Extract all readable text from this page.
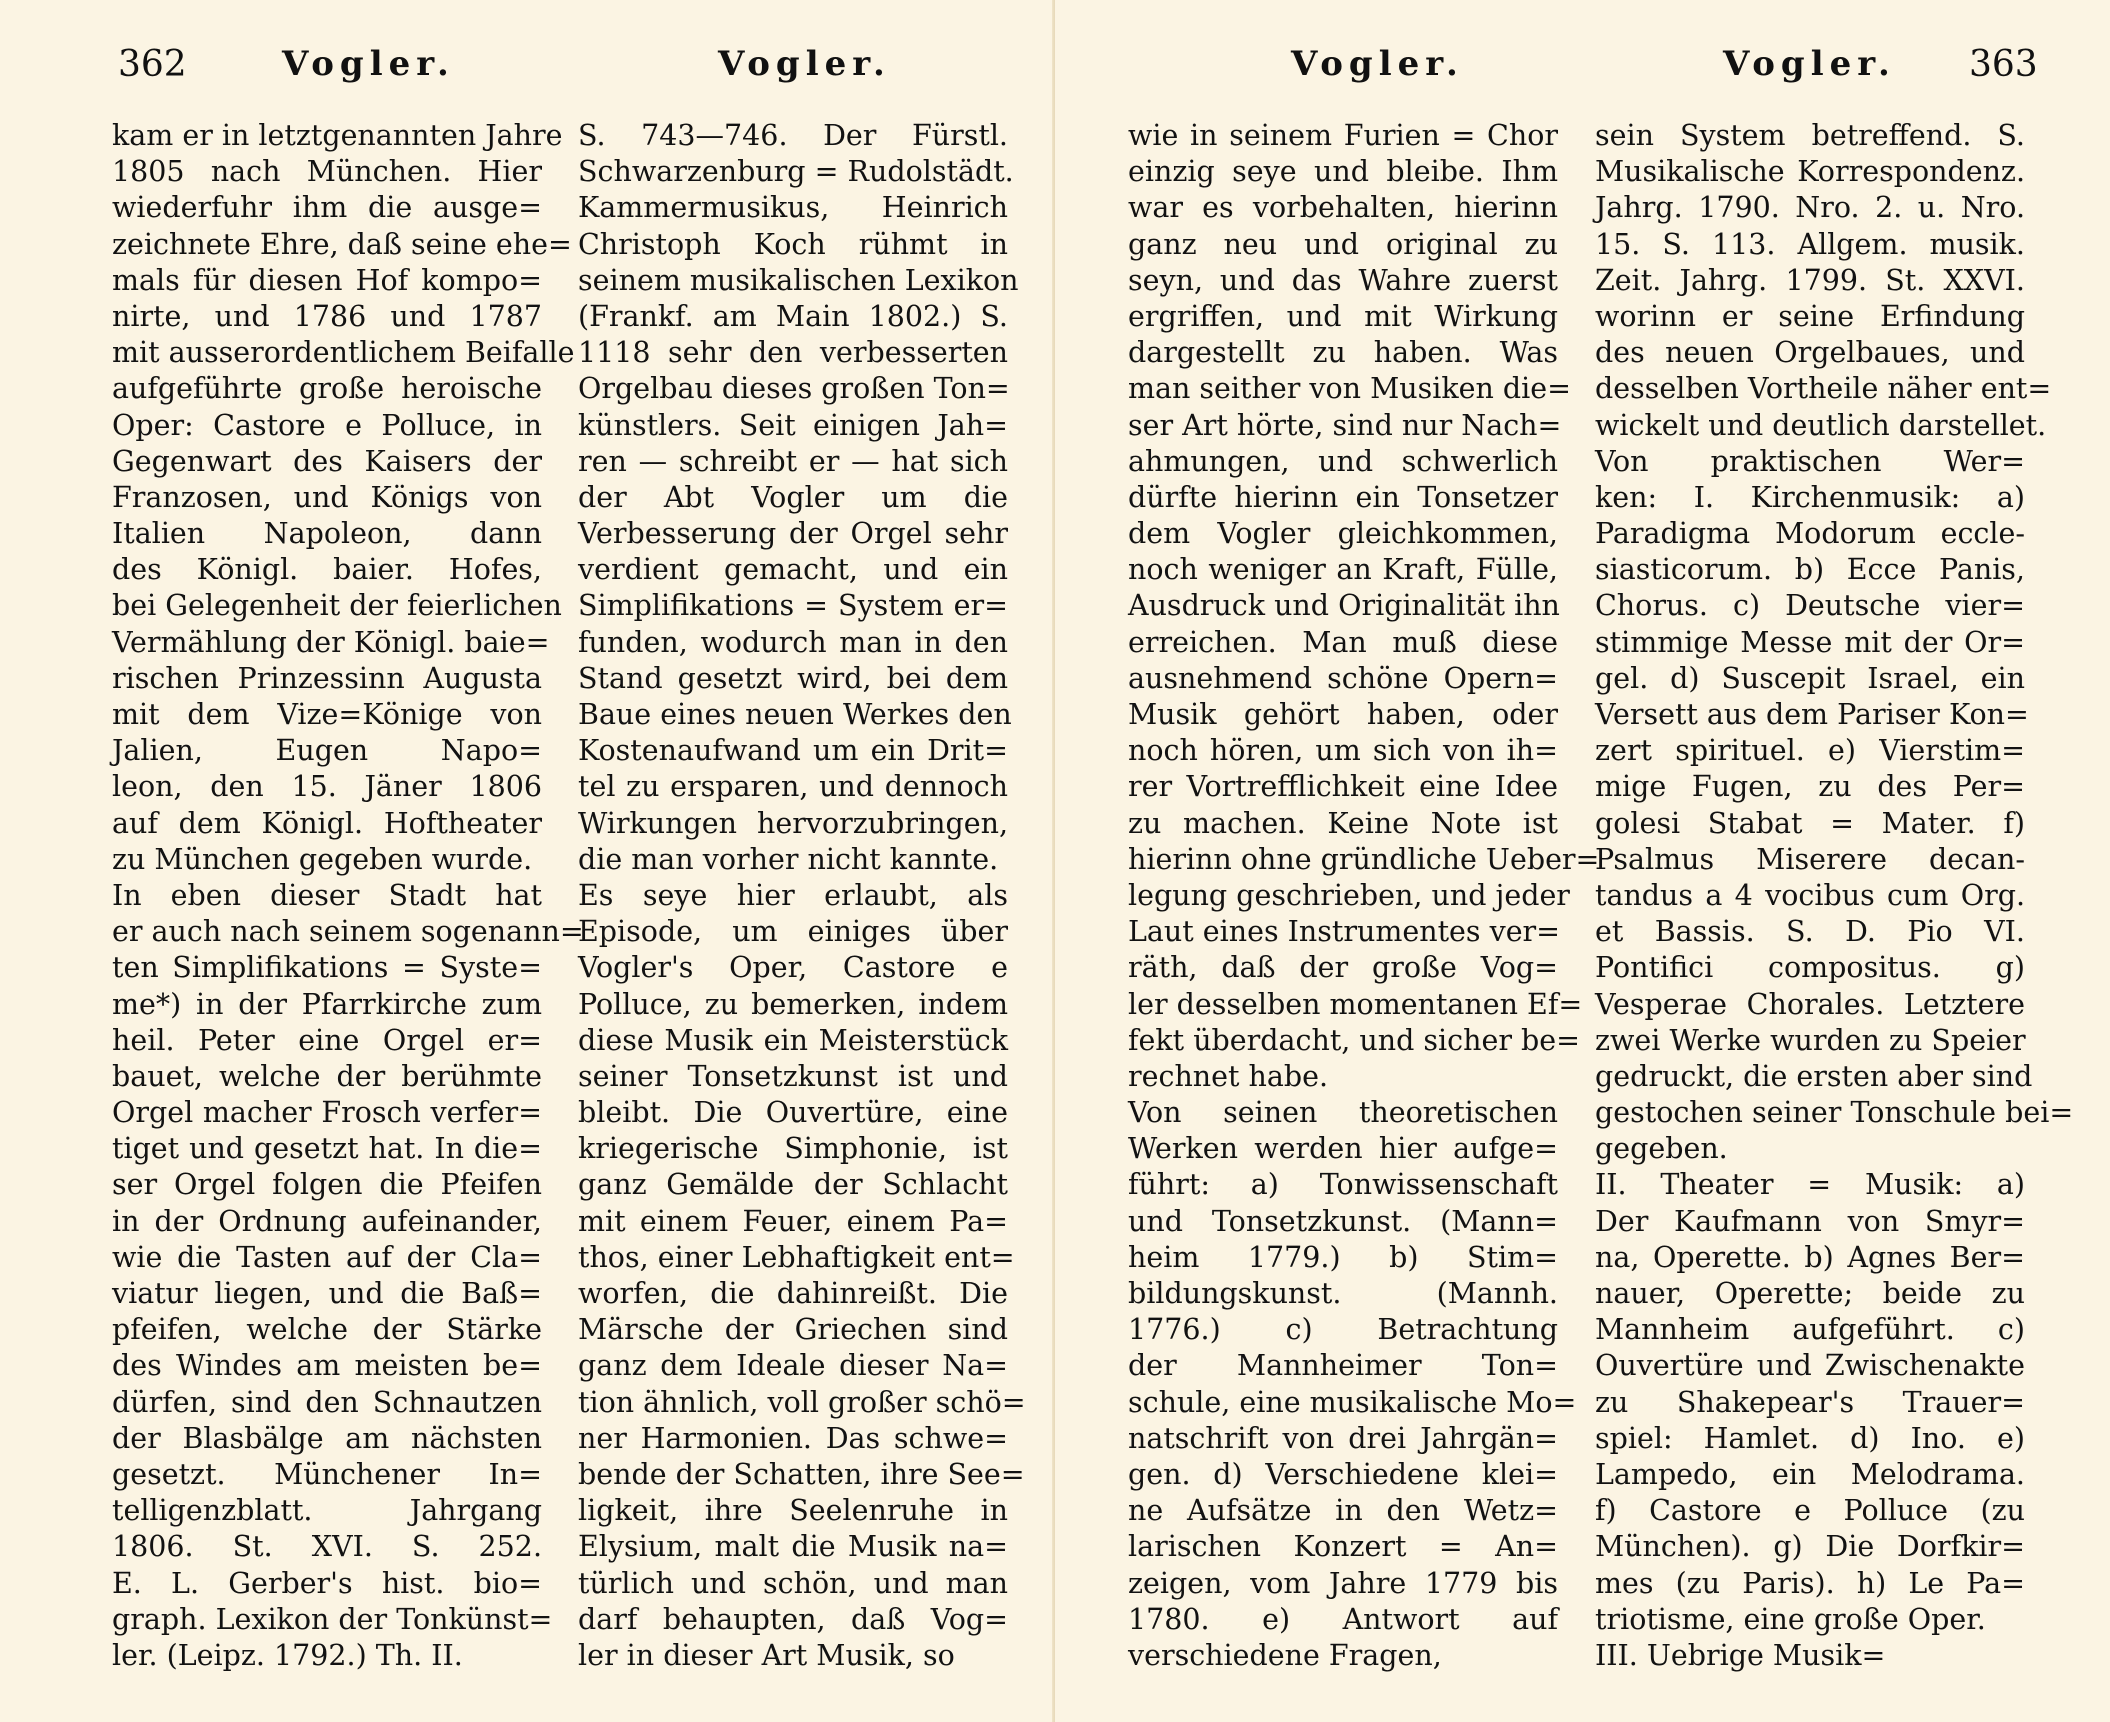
362	Vogler.	Vogler.
kam er in letztgenannten Jahre
1805 nach München. Hier
wiederfuhr ihm die ausge=
zeichnete Ehre, daß seine ehe=
mals für diesen Hof kompo=
nirte, und 1786 und 1787
mit ausserordentlichem Beifalle
aufgeführte große heroische
Oper: Castore e Polluce, in
Gegenwart des Kaisers der
Franzosen, und Königs von
Italien Napoleon, dann
des Königl. baier. Hofes,
bei Gelegenheit der feierlichen
Vermählung der Königl. baie=
rischen Prinzessinn Augusta
mit dem Vize=Könige von
Jalien, Eugen Napo=
leon, den 15. Jäner 1806
auf dem Königl. Hoftheater
zu München gegeben wurde.
In eben dieser Stadt hat
er auch nach seinem sogenann=
ten Simplifikations = Syste=
me*) in der Pfarrkirche zum
heil. Peter eine Orgel er=
bauet, welche der berühmte
Orgel macher Frosch verfer=
tiget und gesetzt hat. In die=
ser Orgel folgen die Pfeifen
in der Ordnung aufeinander,
wie die Tasten auf der Cla=
viatur liegen, und die Baß=
pfeifen, welche der Stärke
des Windes am meisten be=
dürfen, sind den Schnautzen
der Blasbälge am nächsten
gesetzt. Münchener In=
telligenzblatt. Jahrgang
1806. St. XVI. S. 252.
E. L. Gerber's hist. bio=
graph. Lexikon der Tonkünst=
ler. (Leipz. 1792.) Th. II.
S. 743—746. Der Fürstl.
Schwarzenburg = Rudolstädt.
Kammermusikus, Heinrich
Christoph Koch rühmt in
seinem musikalischen Lexikon
(Frankf. am Main 1802.) S.
1118 sehr den verbesserten
Orgelbau dieses großen Ton=
künstlers. Seit einigen Jah=
ren — schreibt er — hat sich
der Abt Vogler um die
Verbesserung der Orgel sehr
verdient gemacht, und ein
Simplifikations = System er=
funden, wodurch man in den
Stand gesetzt wird, bei dem
Baue eines neuen Werkes den
Kostenaufwand um ein Drit=
tel zu ersparen, und dennoch
Wirkungen hervorzubringen,
die man vorher nicht kannte.
Es seye hier erlaubt, als
Episode, um einiges über
Vogler's Oper, Castore e
Polluce, zu bemerken, indem
diese Musik ein Meisterstück
seiner Tonsetzkunst ist und
bleibt. Die Ouvertüre, eine
kriegerische Simphonie, ist
ganz Gemälde der Schlacht
mit einem Feuer, einem Pa=
thos, einer Lebhaftigkeit ent=
worfen, die dahinreißt. Die
Märsche der Griechen sind
ganz dem Ideale dieser Na=
tion ähnlich, voll großer schö=
ner Harmonien. Das schwe=
bende der Schatten, ihre See=
ligkeit, ihre Seelenruhe in
Elysium, malt die Musik na=
türlich und schön, und man
darf behaupten, daß Vog=
ler in dieser Art Musik, so
Vogler.	Vogler. 363
wie in seinem Furien = Chor
einzig seye und bleibe. Ihm
war es vorbehalten, hierinn
ganz neu und original zu
seyn, und das Wahre zuerst
ergriffen, und mit Wirkung
dargestellt zu haben. Was
man seither von Musiken die=
ser Art hörte, sind nur Nach=
ahmungen, und schwerlich
dürfte hierinn ein Tonsetzer
dem Vogler gleichkommen,
noch weniger an Kraft, Fülle,
Ausdruck und Originalität ihn
erreichen. Man muß diese
ausnehmend schöne Opern=
Musik gehört haben, oder
noch hören, um sich von ih=
rer Vortrefflichkeit eine Idee
zu machen. Keine Note ist
hierinn ohne gründliche Ueber=
legung geschrieben, und jeder
Laut eines Instrumentes ver=
räth, daß der große Vog=
ler desselben momentanen Ef=
fekt überdacht, und sicher be=
rechnet habe.
Von seinen theoretischen
Werken werden hier aufge=
führt: a) Tonwissenschaft
und Tonsetzkunst. (Mann=
heim 1779.) b) Stim=
bildungskunst. (Mannh.
1776.) c) Betrachtung
der Mannheimer Ton=
schule, eine musikalische Mo=
natschrift von drei Jahrgän=
gen. d) Verschiedene klei=
ne Aufsätze in den Wetz=
larischen Konzert = An=
zeigen, vom Jahre 1779 bis
1780. e) Antwort auf
verschiedene Fragen,
sein System betreffend. S.
Musikalische Korrespondenz.
Jahrg. 1790. Nro. 2. u. Nro.
15. S. 113. Allgem. musik.
Zeit. Jahrg. 1799. St. XXVI.
worinn er seine Erfindung
des neuen Orgelbaues, und
desselben Vortheile näher ent=
wickelt und deutlich darstellet.
Von praktischen Wer=
ken: I. Kirchenmusik: a)
Paradigma Modorum eccle-
siasticorum. b) Ecce Panis,
Chorus. c) Deutsche vier=
stimmige Messe mit der Or=
gel. d) Suscepit Israel, ein
Versett aus dem Pariser Kon=
zert spirituel. e) Vierstim=
mige Fugen, zu des Per=
golesi Stabat = Mater. f)
Psalmus Miserere decan-
tandus a 4 vocibus cum Org.
et Bassis. S. D. Pio VI.
Pontifici compositus. g)
Vesperae Chorales. Letztere
zwei Werke wurden zu Speier
gedruckt, die ersten aber sind
gestochen seiner Tonschule bei=
gegeben.
II. Theater = Musik: a)
Der Kaufmann von Smyr=
na, Operette. b) Agnes Ber=
nauer, Operette; beide zu
Mannheim aufgeführt. c)
Ouvertüre und Zwischenakte
zu Shakepear's Trauer=
spiel: Hamlet. d) Ino. e)
Lampedo, ein Melodrama.
f) Castore e Polluce (zu
München). g) Die Dorfkir=
mes (zu Paris). h) Le Pa=
triotisme, eine große Oper.
III. Uebrige Musik=
